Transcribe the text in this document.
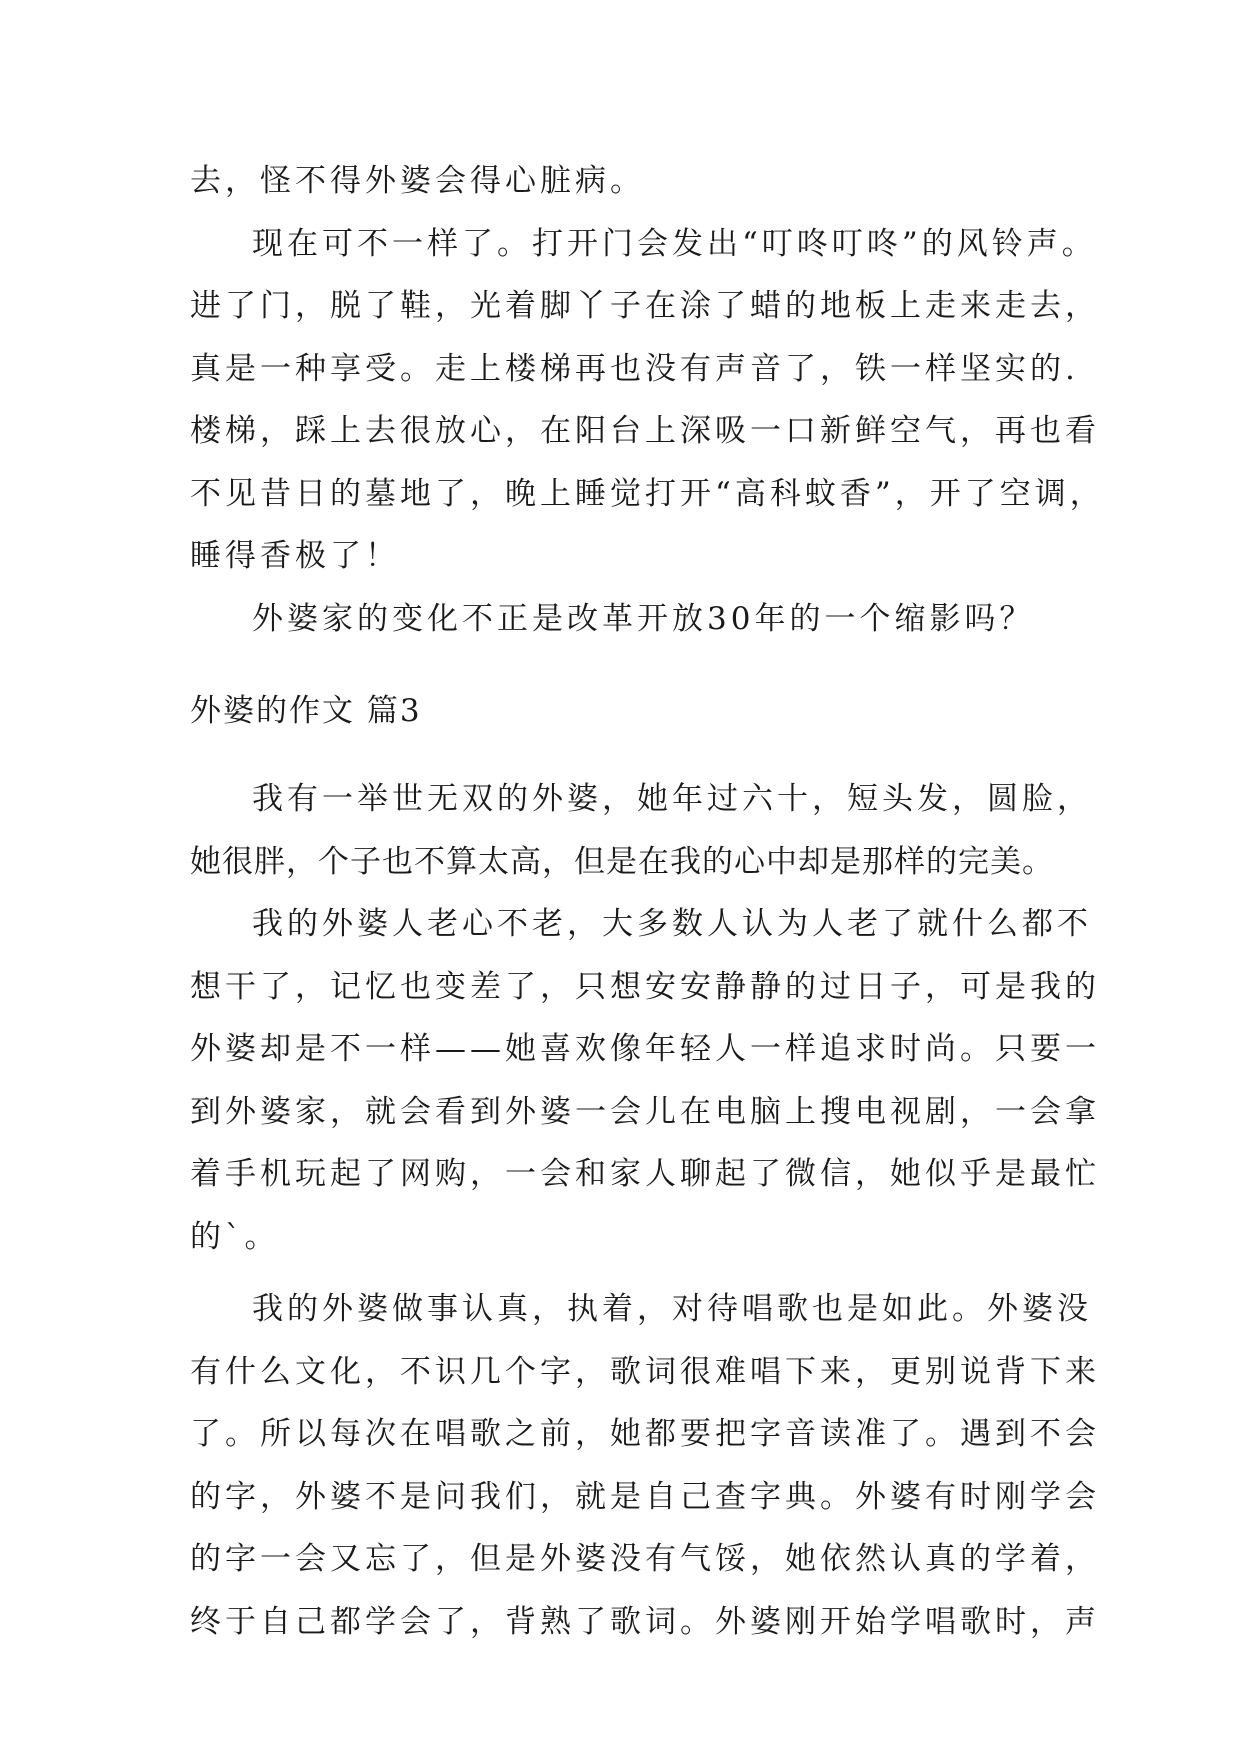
去，怪不得外婆会得心脏病。

现在可不一样了。打开门会发出“叮咚叮咚”的风铃声。

进了门，脱了鞋，光着脚丫子在涂了蜡的地板上走来走去，

真是一种享受。走上楼梯再也没有声音了，铁一样坚实的.

楼梯，踩上去很放心，在阳台上深吸一口新鲜空气，再也看

不见昔日的墓地了，晚上睡觉打开“高科蚊香”，开了空调，

睡得香极了！

外婆家的变化不正是改革开放30年的一个缩影吗？

外婆的作文 篇3

我有一举世无双的外婆，她年过六十，短头发，圆脸，

她很胖，个子也不算太高，但是在我的心中却是那样的完美。

我的外婆人老心不老，大多数人认为人老了就什么都不

想干了，记忆也变差了，只想安安静静的过日子，可是我的

外婆却是不一样——她喜欢像年轻人一样追求时尚。只要一

到外婆家，就会看到外婆一会儿在电脑上搜电视剧，一会拿

着手机玩起了网购，一会和家人聊起了微信，她似乎是最忙

的`。

我的外婆做事认真，执着，对待唱歌也是如此。外婆没

有什么文化，不识几个字，歌词很难唱下来，更别说背下来

了。所以每次在唱歌之前，她都要把字音读准了。遇到不会

的字，外婆不是问我们，就是自己查字典。外婆有时刚学会

的字一会又忘了，但是外婆没有气馁，她依然认真的学着，

终于自己都学会了，背熟了歌词。外婆刚开始学唱歌时，声
